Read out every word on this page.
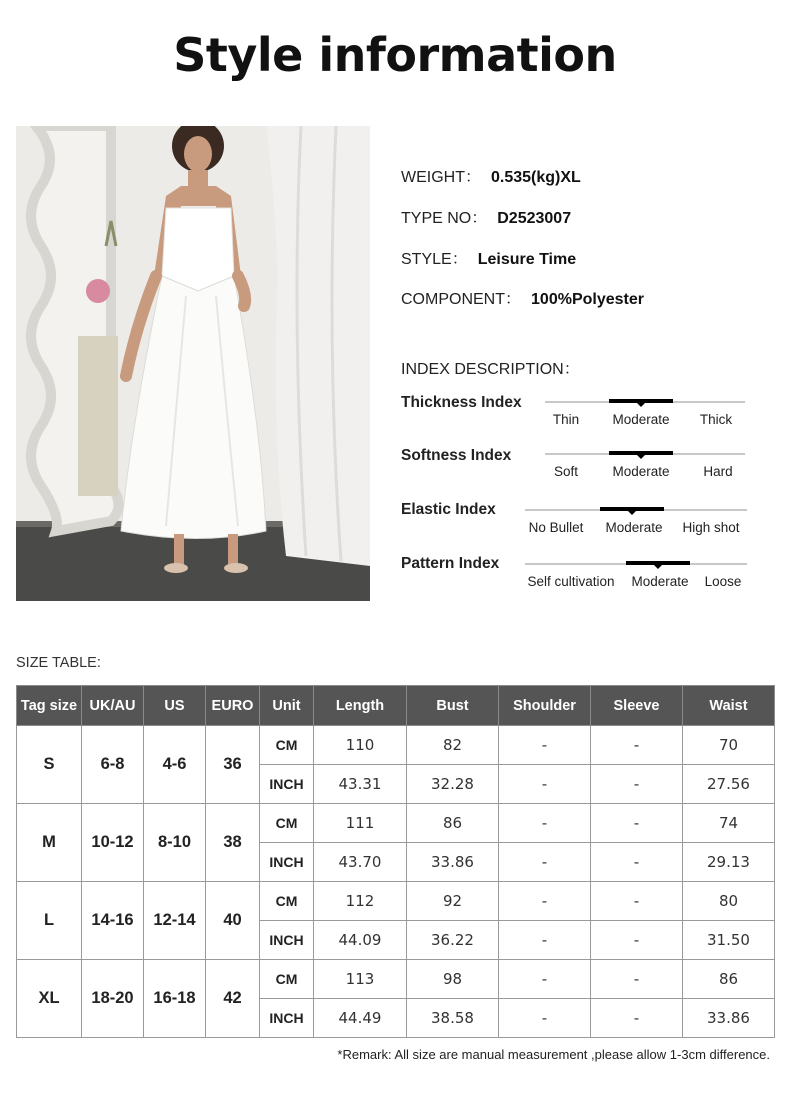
Style information
WEIGHT： 0.535(kg)XL
TYPE NO： D2523007
STYLE： Leisure Time
COMPONENT： 100%Polyester
INDEX DESCRIPTION：
Thickness Index
Thin Moderate Thick
Softness Index
Soft	Moderate	Hard
Elastic Index
No Bullet Moderate High shot
Pattern Index
Self cultivation Moderate Loose
SIZE TABLE:
Tag size	UK/AU	US	EURO	Unit	Length	Bust	Shoulder	Sleeve	Waist
S	6-8	4-6	36	CM	110	82	-	-	70
				INCH	43.31	32.28	-	-	27.56
M	10-12	8-10	38	CM	111	86	-	-	74
				INCH	43.70	33.86	-	-	29.13
L	14-16	12-14	40	CM	112	92	-	-	80
				INCH	44.09	36.22	-	-	31.50
XL	18-20	16-18	42	CM	113	98	-	-	86
				INCH	44.49	38.58	-	-	33.86
*Remark: All size are manual measurement ,please allow 1-3cm difference.
